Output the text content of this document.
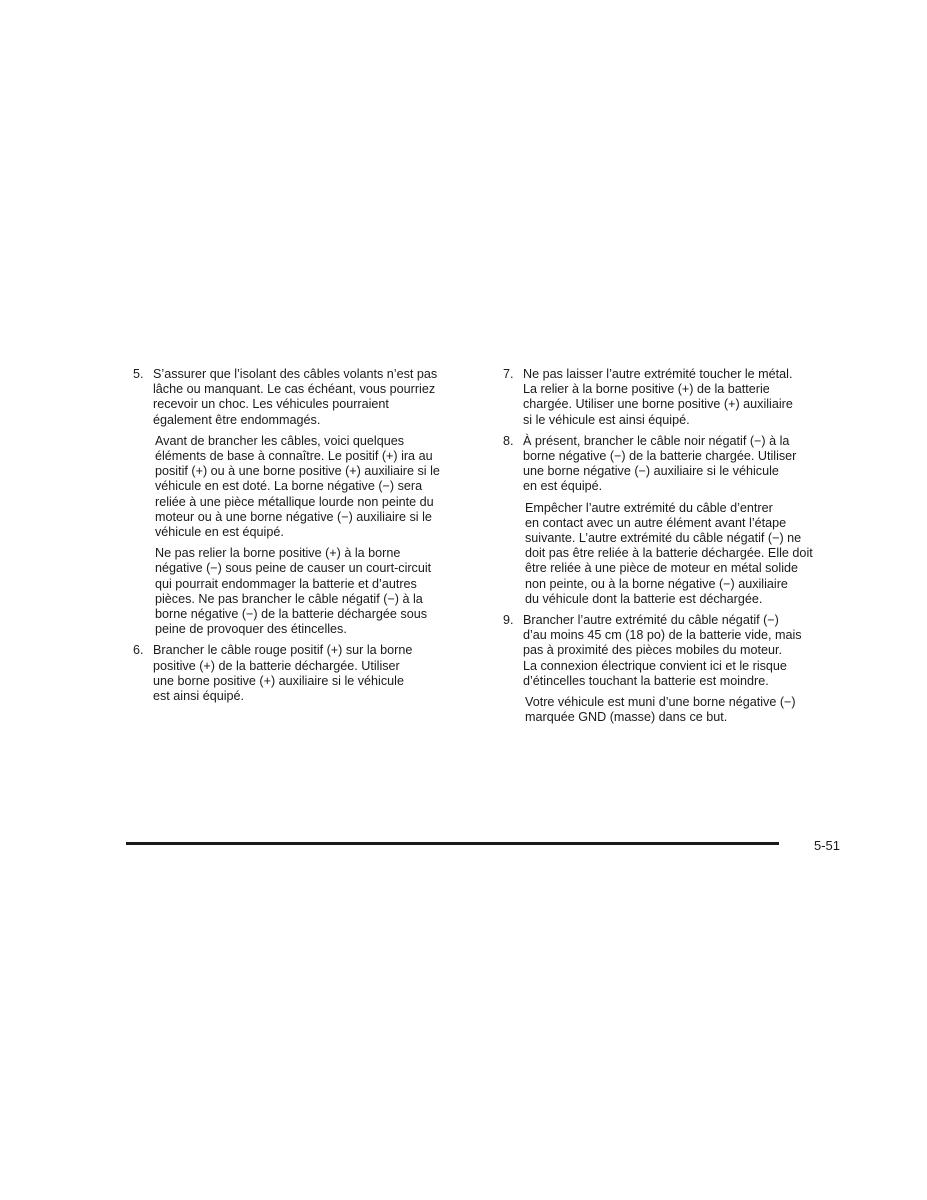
5. S’assurer que l’isolant des câbles volants n’est pas
lâche ou manquant. Le cas échéant, vous pourriez
recevoir un choc. Les véhicules pourraient
également être endommagés.
Avant de brancher les câbles, voici quelques
éléments de base à connaître. Le positif (+) ira au
positif (+) ou à une borne positive (+) auxiliaire si le
véhicule en est doté. La borne négative (−) sera
reliée à une pièce métallique lourde non peinte du
moteur ou à une borne négative (−) auxiliaire si le
véhicule en est équipé.
Ne pas relier la borne positive (+) à la borne
négative (−) sous peine de causer un court-circuit
qui pourrait endommager la batterie et d’autres
pièces. Ne pas brancher le câble négatif (−) à la
borne négative (−) de la batterie déchargée sous
peine de provoquer des étincelles.
6. Brancher le câble rouge positif (+) sur la borne
positive (+) de la batterie déchargée. Utiliser
une borne positive (+) auxiliaire si le véhicule
est ainsi équipé.
7. Ne pas laisser l’autre extrémité toucher le métal.
La relier à la borne positive (+) de la batterie
chargée. Utiliser une borne positive (+) auxiliaire
si le véhicule est ainsi équipé.
8. À présent, brancher le câble noir négatif (−) à la
borne négative (−) de la batterie chargée. Utiliser
une borne négative (−) auxiliaire si le véhicule
en est équipé.
Empêcher l’autre extrémité du câble d’entrer
en contact avec un autre élément avant l’étape
suivante. L’autre extrémité du câble négatif (−) ne
doit pas être reliée à la batterie déchargée. Elle doit
être reliée à une pièce de moteur en métal solide
non peinte, ou à la borne négative (−) auxiliaire
du véhicule dont la batterie est déchargée.
9. Brancher l’autre extrémité du câble négatif (−)
d’au moins 45 cm (18 po) de la batterie vide, mais
pas à proximité des pièces mobiles du moteur.
La connexion électrique convient ici et le risque
d’étincelles touchant la batterie est moindre.
Votre véhicule est muni d’une borne négative (−)
marquée GND (masse) dans ce but.
5-51
